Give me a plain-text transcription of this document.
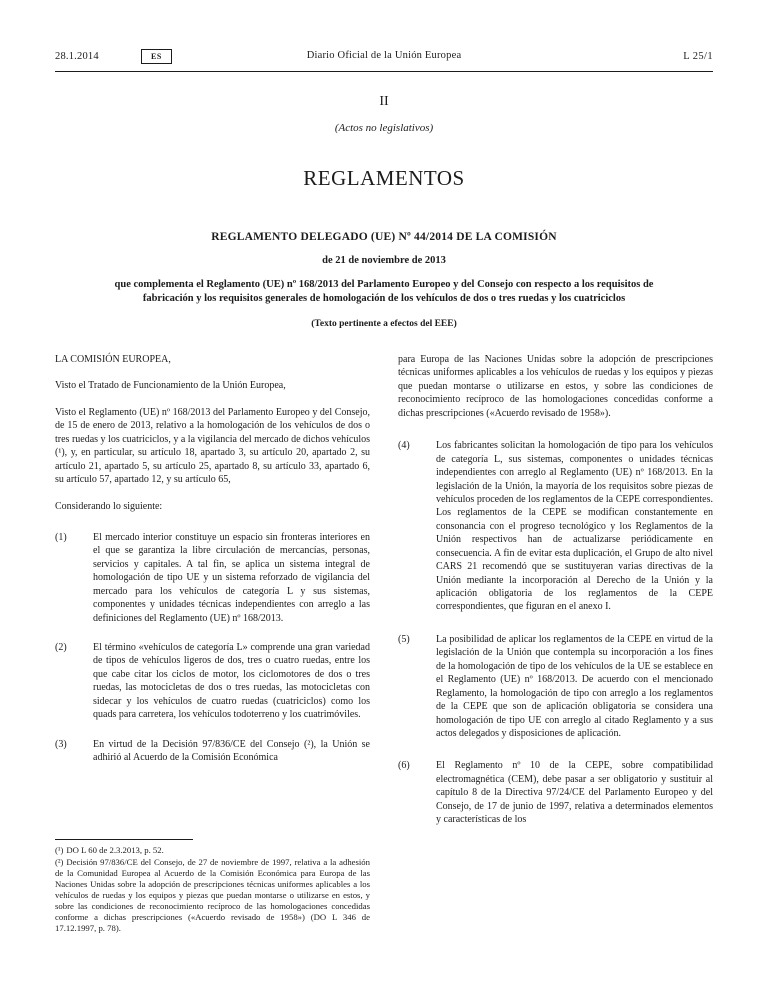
28.1.2014	ES	Diario Oficial de la Unión Europea	L 25/1
II
(Actos no legislativos)
REGLAMENTOS
REGLAMENTO DELEGADO (UE) Nº 44/2014 DE LA COMISIÓN
de 21 de noviembre de 2013
que complementa el Reglamento (UE) nº 168/2013 del Parlamento Europeo y del Consejo con respecto a los requisitos de fabricación y los requisitos generales de homologación de los vehículos de dos o tres ruedas y los cuatriciclos
(Texto pertinente a efectos del EEE)

LA COMISIÓN EUROPEA,

Visto el Tratado de Funcionamiento de la Unión Europea,

Visto el Reglamento (UE) nº 168/2013 del Parlamento Europeo y del Consejo, de 15 de enero de 2013, relativo a la homologación de los vehículos de dos o tres ruedas y los cuatriciclos, y a la vigilancia del mercado de dichos vehículos (¹), y, en particular, su artículo 18, apartado 3, su artículo 20, apartado 2, su artículo 21, apartado 5, su artículo 25, apartado 8, su artículo 33, apartado 6, su artículo 57, apartado 12, y su artículo 65,

Considerando lo siguiente:

(1)	El mercado interior constituye un espacio sin fronteras interiores en el que se garantiza la libre circulación de mercancías, personas, servicios y capitales. A tal fin, se aplica un sistema integral de homologación de tipo UE y un sistema reforzado de vigilancia del mercado para los vehículos de categoría L y sus sistemas, componentes y unidades técnicas independientes con arreglo a las definiciones del Reglamento (UE) nº 168/2013.
(2)	El término «vehículos de categoría L» comprende una gran variedad de tipos de vehículos ligeros de dos, tres o cuatro ruedas, entre los que cabe citar los ciclos de motor, los ciclomotores de dos o tres ruedas, las motocicletas de dos o tres ruedas, las motocicletas con sidecar y los vehículos de cuatro ruedas (cuatriciclos) como los quads para carretera, los vehículos todoterreno y los cuatrimóviles.
(3)	En virtud de la Decisión 97/836/CE del Consejo (²), la Unión se adhirió al Acuerdo de la Comisión Económica

(¹) DO L 60 de 2.3.2013, p. 52.

(²) Decisión 97/836/CE del Consejo, de 27 de noviembre de 1997, relativa a la adhesión de la Comunidad Europea al Acuerdo de la Comisión Económica para Europa de las Naciones Unidas sobre la adopción de prescripciones técnicas uniformes aplicables a los vehículos de ruedas y los equipos y piezas que puedan montarse o utilizarse en estos, y sobre las condiciones de reconocimiento recíproco de las homologaciones concedidas conforme a dichas prescripciones («Acuerdo revisado de 1958») (DO L 346 de 17.12.1997, p. 78).

para Europa de las Naciones Unidas sobre la adopción de prescripciones técnicas uniformes aplicables a los vehículos de ruedas y los equipos y piezas que puedan montarse o utilizarse en estos, y sobre las condiciones de reconocimiento recíproco de las homologaciones concedidas conforme a dichas prescripciones («Acuerdo revisado de 1958»).

(4)	Los fabricantes solicitan la homologación de tipo para los vehículos de categoría L, sus sistemas, componentes o unidades técnicas independientes con arreglo al Reglamento (UE) nº 168/2013. En la legislación de la Unión, la mayoría de los requisitos sobre piezas de vehículos proceden de los reglamentos de la CEPE correspondientes. Los reglamentos de la CEPE se modifican constantemente en consonancia con el progreso tecnológico y los Reglamentos de la Unión respectivos han de actualizarse periódicamente en consecuencia. A fin de evitar esta duplicación, el Grupo de alto nivel CARS 21 recomendó que se sustituyeran varias directivas de la Unión mediante la incorporación al Derecho de la Unión y la aplicación obligatoria de los reglamentos de la CEPE correspondientes, que figuran en el anexo I.
(5)	La posibilidad de aplicar los reglamentos de la CEPE en virtud de la legislación de la Unión que contempla su incorporación a los fines de la homologación de tipo de los vehículos de la UE se establece en el Reglamento (UE) nº 168/2013. De acuerdo con el mencionado Reglamento, la homologación de tipo con arreglo a los reglamentos de la CEPE que son de aplicación obligatoria se considera una homologación de tipo UE con arreglo al citado Reglamento y a sus actos delegados y disposiciones de aplicación.
(6)	El Reglamento nº 10 de la CEPE, sobre compatibilidad electromagnética (CEM), debe pasar a ser obligatorio y sustituir al capítulo 8 de la Directiva 97/24/CE del Parlamento Europeo y del Consejo, de 17 de junio de 1997, relativa a determinados elementos y características de los
